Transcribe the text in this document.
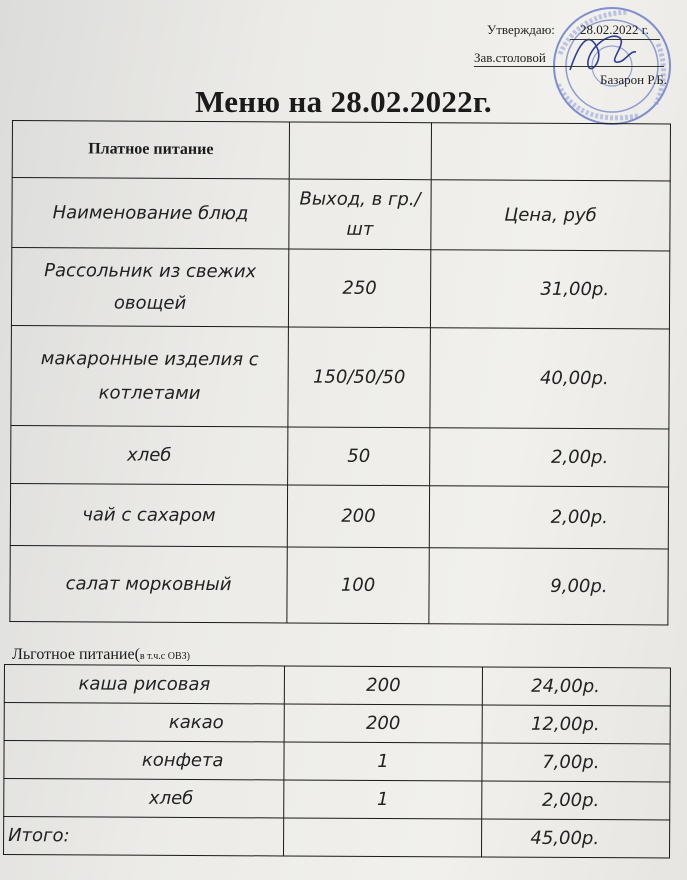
Утверждаю: 28.02.2022 г.
Зав.столовой
Базарон Р.Б.
Меню на 28.02.2022г.
Платное питание		
Наименование блюд	Выход, в гр./шт	Цена, руб
Рассольник из свежих овощей	250	31,00р.
макаронные изделия с котлетами	150/50/50	40,00р.
хлеб	50	2,00р.
чай с сахаром	200	2,00р.
салат морковный	100	9,00р.
Льготное питание(в т.ч.с ОВЗ)
каша рисовая	200	24,00р.
какао	200	12,00р.
конфета	1	7,00р.
хлеб	1	2,00р.
Итого:		45,00р.
